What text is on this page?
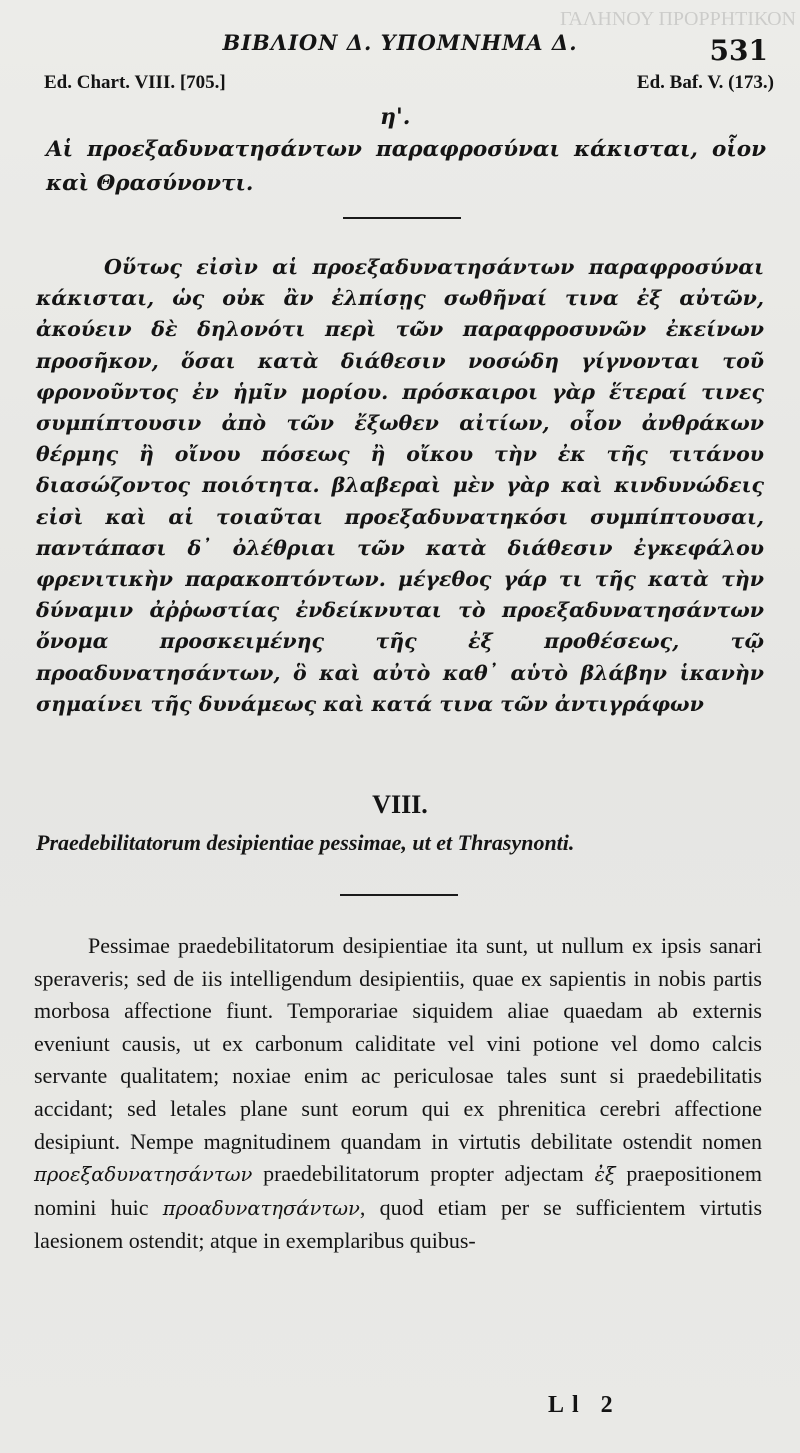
ΓΑΛΗΝΟΥ ΠΡΟΡΡΗΤΙΚΟΝ
ΒΙΒΛΙΟΝ Δ. ΥΠΟΜΝΗΜΑ Δ.	531
Ed. Chart. VIII. [705.]	Ed. Baf. V. (173.)
η'.
Αἱ προεξαδυνατησάντων παραφροσύναι κάκισται, οἷον καὶ Θρασύνοντι.
Οὕτως εἰσὶν αἱ προεξαδυνατησάντων παραφροσύναι κάκισται, ὡς οὐκ ἂν ἐλπίσῃς σωθῆναί τινα ἐξ αὐτῶν, ἀκούειν δὲ δηλονότι περὶ τῶν παραφροσυνῶν ἐκείνων προσῆκον, ὅσαι κατὰ διάθεσιν νοσώδη γίγνονται τοῦ φρονοῦντος ἐν ἡμῖν μορίου. πρόσκαιροι γὰρ ἕτεραί τινες συμπίπτουσιν ἀπὸ τῶν ἔξωθεν αἰτίων, οἷον ἀνθράκων θέρμης ἢ οἴνου πόσεως ἢ οἴκου τὴν ἐκ τῆς τιτάνου διασώζοντος ποιότητα. βλαβεραὶ μὲν γὰρ καὶ κινδυνώδεις εἰσὶ καὶ αἱ τοιαῦται προεξαδυνατηκόσι συμπίπτουσαι, παντάπασι δ᾽ ὀλέθριαι τῶν κατὰ διάθεσιν ἐγκεφάλου φρενιτικὴν παρακοπτόντων. μέγεθος γάρ τι τῆς κατὰ τὴν δύναμιν ἀῤῥωστίας ἐνδείκνυται τὸ προεξαδυνατησάντων ὄνομα προσκειμένης τῆς ἐξ προθέσεως, τῷ προαδυνατησάντων, ὃ καὶ αὐτὸ καθ᾽ αὑτὸ βλάβην ἱκανὴν σημαίνει τῆς δυνάμεως καὶ κατά τινα τῶν ἀντιγράφων
VIII.
Praedebilitatorum desipientiae pessimae, ut et Thrasynonti.
Pessimae praedebilitatorum desipientiae ita sunt, ut nullum ex ipsis sanari speraveris; sed de iis intelligendum desipientiis, quae ex sapientis in nobis partis morbosa affectione fiunt. Temporariae siquidem aliae quaedam ab externis eveniunt causis, ut ex carbonum caliditate vel vini potione vel domo calcis servante qualitatem; noxiae enim ac periculosae tales sunt si praedebilitatis accidant; sed letales plane sunt eorum qui ex phrenitica cerebri affectione desipiunt. Nempe magnitudinem quandam in virtutis debilitate ostendit nomen προεξαδυνατησάντων praedebilitatorum propter adjectam ἐξ praepositionem nomini huic προαδυνατησάντων, quod etiam per se sufficientem virtutis laesionem ostendit; atque in exemplaribus quibus-
Ll 2
